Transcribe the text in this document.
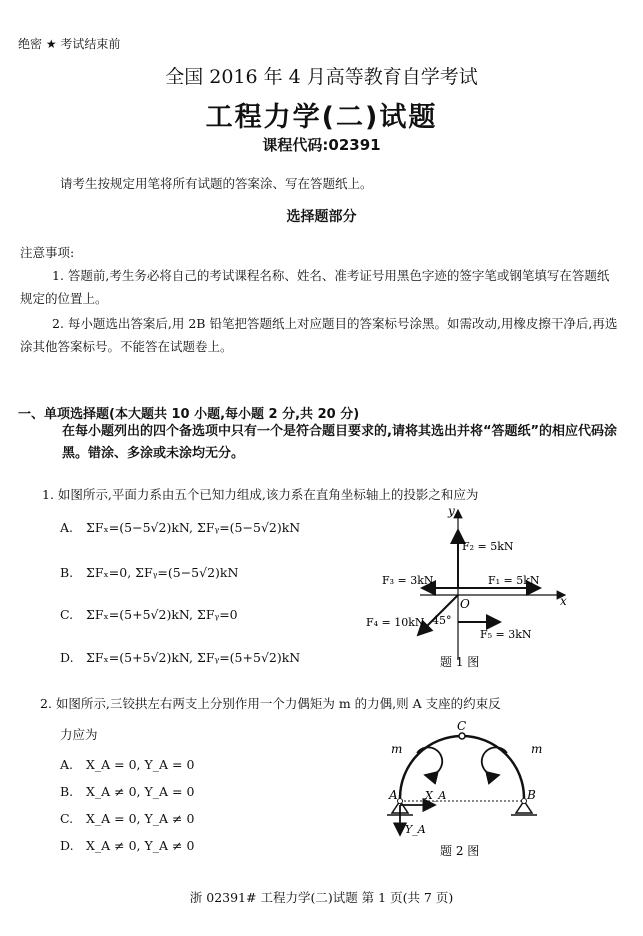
绝密 ★ 考试结束前
全国 2016 年 4 月高等教育自学考试
工程力学(二)试题
课程代码:02391
请考生按规定用笔将所有试题的答案涂、写在答题纸上。
选择题部分
注意事项:
1. 答题前,考生务必将自己的考试课程名称、姓名、准考证号用黑色字迹的签字笔或钢笔填写在答题纸规定的位置上。
2. 每小题选出答案后,用 2B 铅笔把答题纸上对应题目的答案标号涂黑。如需改动,用橡皮擦干净后,再选涂其他答案标号。不能答在试题卷上。
一、单项选择题(本大题共 10 小题,每小题 2 分,共 20 分)
在每小题列出的四个备选项中只有一个是符合题目要求的,请将其选出并将“答题纸”的相应代码涂黑。错涂、多涂或未涂均无分。
1. 如图所示,平面力系由五个已知力组成,该力系在直角坐标轴上的投影之和应为
A. ΣFₓ=(5−5√2)kN, ΣFᵧ=(5−5√2)kN
B. ΣFₓ=0, ΣFᵧ=(5−5√2)kN
C. ΣFₓ=(5+5√2)kN, ΣFᵧ=0
D. ΣFₓ=(5+5√2)kN, ΣFᵧ=(5+5√2)kN
y
x
O
F₂ = 5kN
F₃ = 3kN	F₁ = 5kN
F₄ = 10kN 45°
F₅ = 3kN
题 1 图
2. 如图所示,三铰拱左右两支上分别作用一个力偶矩为 m 的力偶,则 A 支座的约束反
力应为
A. X_A = 0, Y_A = 0
B. X_A ≠ 0, Y_A = 0
C. X_A = 0, Y_A ≠ 0
D. X_A ≠ 0, Y_A ≠ 0
C
A	B
m	m
X_A
Y_A
题 2 图
浙 02391# 工程力学(二)试题 第 1 页(共 7 页)
